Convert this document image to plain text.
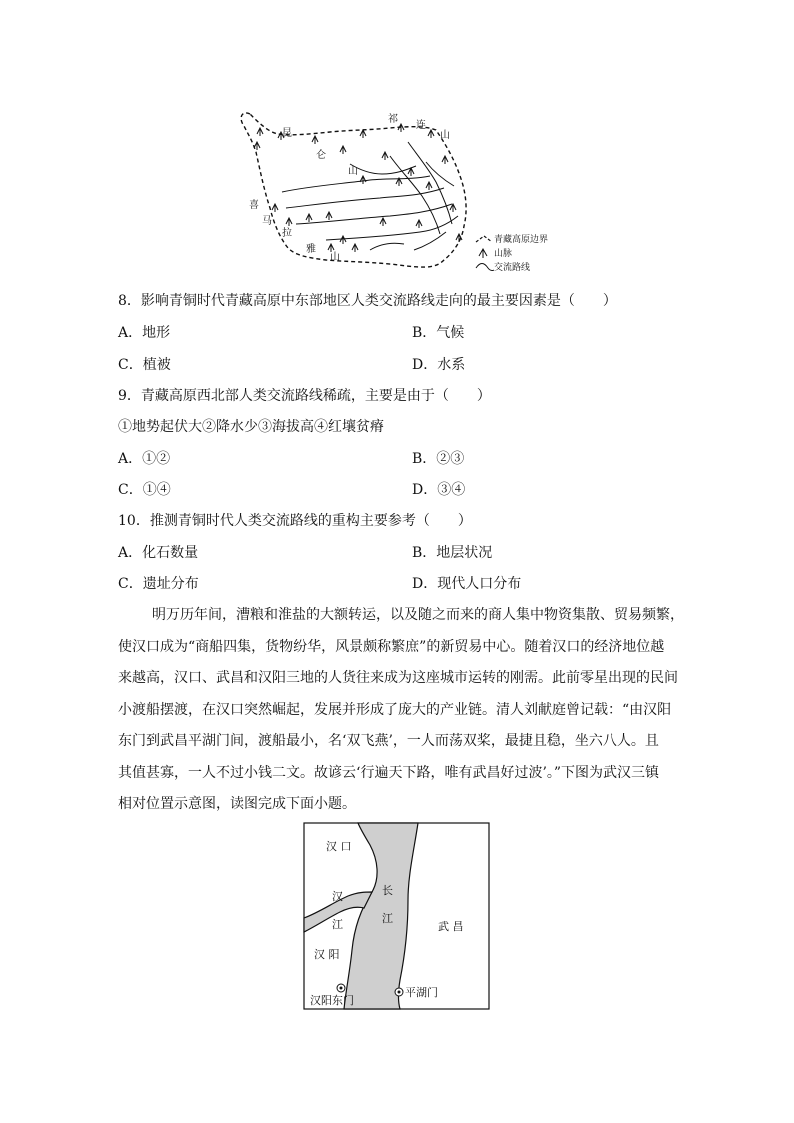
昆
仑
山
祁
连
山
喜
马
拉
雅
山
青藏高原边界
山脉
交流路线
8．影响青铜时代青藏高原中东部地区人类交流路线走向的最主要因素是（　　）
A．地形	B．气候
C．植被	D．水系
9．青藏高原西北部人类交流路线稀疏，主要是由于（　　）
①地势起伏大②降水少③海拔高④红壤贫瘠
A．①②	B．②③
C．①④	D．③④
10．推测青铜时代人类交流路线的重构主要参考（　　）
A．化石数量	B．地层状况
C．遗址分布	D．现代人口分布
明万历年间，漕粮和淮盐的大额转运，以及随之而来的商人集中物资集散、贸易频繁，
使汉口成为“商船四集，货物纷华，风景颇称繁庶”的新贸易中心。随着汉口的经济地位越
来越高，汉口、武昌和汉阳三地的人货往来成为这座城市运转的刚需。此前零星出现的民间
小渡船摆渡，在汉口突然崛起，发展并形成了庞大的产业链。清人刘献庭曾记载：“由汉阳
东门到武昌平湖门间，渡船最小，名‘双飞燕’，一人而荡双桨，最捷且稳，坐六八人。且
其值甚寡，一人不过小钱二文。故谚云‘行遍天下路，唯有武昌好过波’。”下图为武汉三镇
相对位置示意图，读图完成下面小题。
汉 口
汉
江
长
江
武 昌
汉 阳
汉阳东门
平湖门
